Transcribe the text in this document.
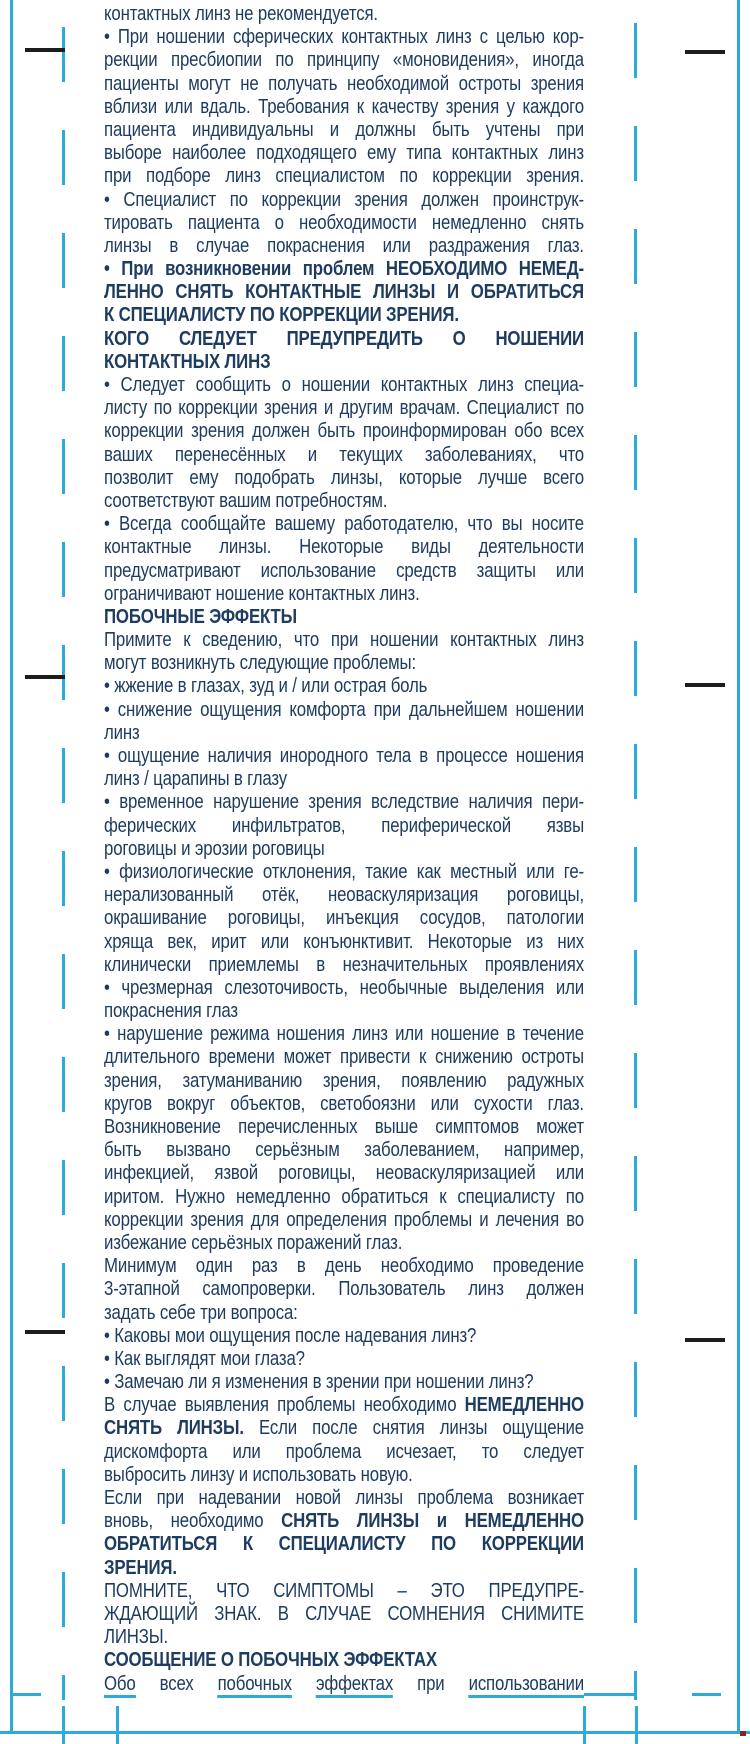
контактных линз не рекомендуется.
• При ношении сферических контактных линз с целью кор-
рекции пресбиопии по принципу «моновидения», иногда
пациенты могут не получать необходимой остроты зрения
вблизи или вдаль. Требования к качеству зрения у каждого
пациента индивидуальны и должны быть учтены при
выборе наиболее подходящего ему типа контактных линз
при подборе линз специалистом по коррекции зрения.
• Специалист по коррекции зрения должен проинструк-
тировать пациента о необходимости немедленно снять
линзы в случае покраснения или раздражения глаз.
• При возникновении проблем НЕОБХОДИМО НЕМЕД-
ЛЕННО СНЯТЬ КОНТАКТНЫЕ ЛИНЗЫ И ОБРАТИТЬСЯ
К СПЕЦИАЛИСТУ ПО КОРРЕКЦИИ ЗРЕНИЯ.
КОГО СЛЕДУЕТ ПРЕДУПРЕДИТЬ О НОШЕНИИ
КОНТАКТНЫХ ЛИНЗ
• Следует сообщить о ношении контактных линз специа-
листу по коррекции зрения и другим врачам. Специалист по
коррекции зрения должен быть проинформирован обо всех
ваших перенесённых и текущих заболеваниях, что
позволит ему подобрать линзы, которые лучше всего
соответствуют вашим потребностям.
• Всегда сообщайте вашему работодателю, что вы носите
контактные линзы. Некоторые виды деятельности
предусматривают использование средств защиты или
ограничивают ношение контактных линз.
ПОБОЧНЫЕ ЭФФЕКТЫ
Примите к сведению, что при ношении контактных линз
могут возникнуть следующие проблемы:
• жжение в глазах, зуд и / или острая боль
• снижение ощущения комфорта при дальнейшем ношении
линз
• ощущение наличия инородного тела в процессе ношения
линз / царапины в глазу
• временное нарушение зрения вследствие наличия пери-
ферических инфильтратов, периферической язвы
роговицы и эрозии роговицы
• физиологические отклонения, такие как местный или ге-
нерализованный отёк, неоваскуляризация роговицы,
окрашивание роговицы, инъекция сосудов, патологии
хряща век, ирит или конъюнктивит. Некоторые из них
клинически приемлемы в незначительных проявлениях
• чрезмерная слезоточивость, необычные выделения или
покраснения глаз
• нарушение режима ношения линз или ношение в течение
длительного времени может привести к снижению остроты
зрения, затуманиванию зрения, появлению радужных
кругов вокруг объектов, светобоязни или сухости глаз.
Возникновение перечисленных выше симптомов может
быть вызвано серьёзным заболеванием, например,
инфекцией, язвой роговицы, неоваскуляризацией или
иритом. Нужно немедленно обратиться к специалисту по
коррекции зрения для определения проблемы и лечения во
избежание серьёзных поражений глаз.
Минимум один раз в день необходимо проведение
3-этапной самопроверки. Пользователь линз должен
задать себе три вопроса:
• Каковы мои ощущения после надевания линз?
• Как выглядят мои глаза?
• Замечаю ли я изменения в зрении при ношении линз?
В случае выявления проблемы необходимо НЕМЕДЛЕННО
СНЯТЬ ЛИНЗЫ. Если после снятия линзы ощущение
дискомфорта или проблема исчезает, то следует
выбросить линзу и использовать новую.
Если при надевании новой линзы проблема возникает
вновь, необходимо СНЯТЬ ЛИНЗЫ и НЕМЕДЛЕННО
ОБРАТИТЬСЯ К СПЕЦИАЛИСТУ ПО КОРРЕКЦИИ
ЗРЕНИЯ.
ПОМНИТЕ, ЧТО СИМПТОМЫ – ЭТО ПРЕДУПРЕ-
ЖДАЮЩИЙ ЗНАК. В СЛУЧАЕ СОМНЕНИЯ СНИМИТЕ
ЛИНЗЫ.
СООБЩЕНИЕ О ПОБОЧНЫХ ЭФФЕКТАХ
Обо всех побочных эффектах при использовании
